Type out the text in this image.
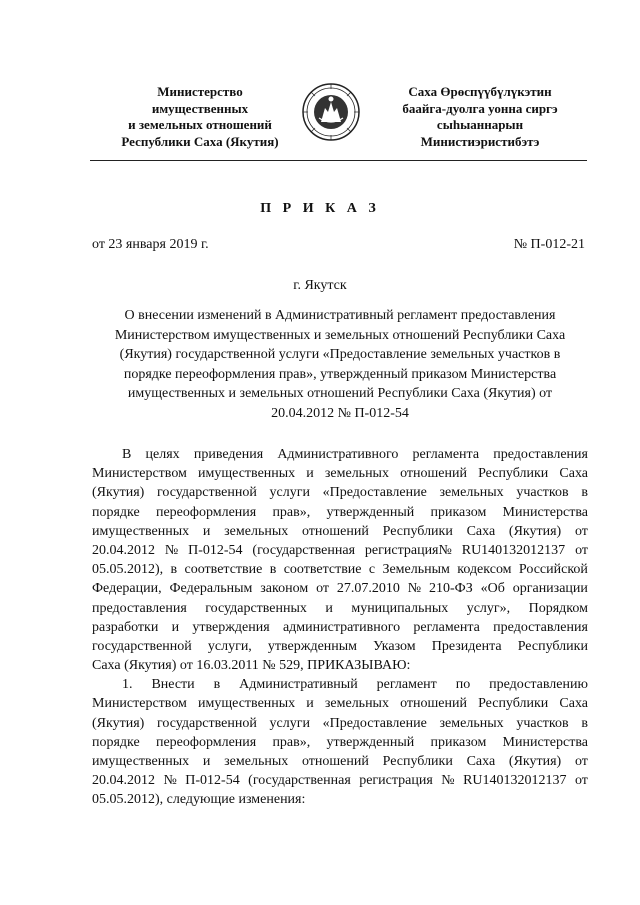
Министерство
имущественных
и земельных отношений
Республики Саха (Якутия)
Саха Өрөспүүбүлүкэтин
баайга-дуолга уонна сиргэ
сыһыаннарын
Министиэристибэтэ
П Р И К А З
от 23 января 2019 г.	№ П-012-21
г. Якутск
О внесении изменений в Административный регламент предоставления
Министерством имущественных и земельных отношений Республики Саха
(Якутия) государственной услуги «Предоставление земельных участков в
порядке переоформления прав», утвержденный приказом Министерства
имущественных и земельных отношений Республики Саха (Якутия) от
20.04.2012 № П-012-54
В целях приведения Административного регламента предоставления
Министерством имущественных и земельных отношений Республики Саха
(Якутия) государственной услуги «Предоставление земельных участков в
порядке переоформления прав», утвержденный приказом Министерства
имущественных и земельных отношений Республики Саха (Якутия) от
20.04.2012 № П-012-54 (государственная регистрация№ RU140132012137 от
05.05.2012), в соответствие в соответствие с Земельным кодексом Российской
Федерации, Федеральным законом от 27.07.2010 № 210-ФЗ «Об организации
предоставления государственных и муниципальных услуг», Порядком
разработки и утверждения административного регламента предоставления
государственной услуги, утвержденным Указом Президента Республики
Саха (Якутия) от 16.03.2011 № 529, ПРИКАЗЫВАЮ:
1. Внести в Административный регламент по предоставлению
Министерством имущественных и земельных отношений Республики Саха
(Якутия) государственной услуги «Предоставление земельных участков в
порядке переоформления прав», утвержденный приказом Министерства
имущественных и земельных отношений Республики Саха (Якутия) от
20.04.2012 № П-012-54 (государственная регистрация № RU140132012137 от
05.05.2012), следующие изменения:
